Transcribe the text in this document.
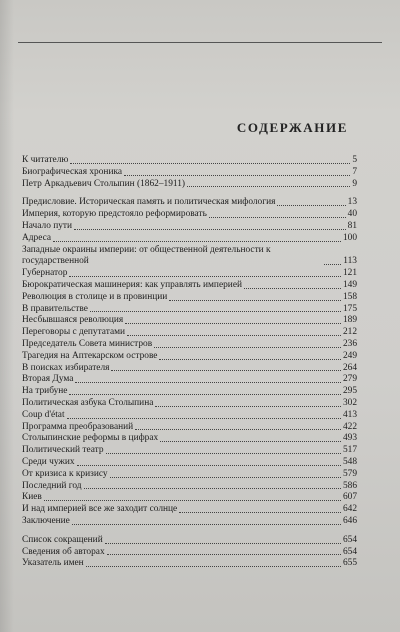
СОДЕРЖАНИЕ
К читателю	5
Биографическая хроника	7
Петр Аркадьевич Столыпин (1862–1911)	9
Предисловие. Историческая память и политическая мифология	13
Империя, которую предстояло реформировать	40
Начало пути	81
Адреса	100
Западные окраины империи: от общественной деятельности к государственной	113
Губернатор	121
Бюрократическая машинерия: как управлять империей	149
Революция в столице и в провинции	158
В правительстве	175
Несбывшаяся революция	189
Переговоры с депутатами	212
Председатель Совета министров	236
Трагедия на Аптекарском острове	249
В поисках избирателя	264
Вторая Дума	279
На трибуне	295
Политическая азбука Столыпина	302
Coup d'état	413
Программа преобразований	422
Столыпинские реформы в цифрах	493
Политический театр	517
Среди чужих	548
От кризиса к кризису	579
Последний год	586
Киев	607
И над империей все же заходит солнце	642
Заключение	646
Список сокращений	654
Сведения об авторах	654
Указатель имен	655
